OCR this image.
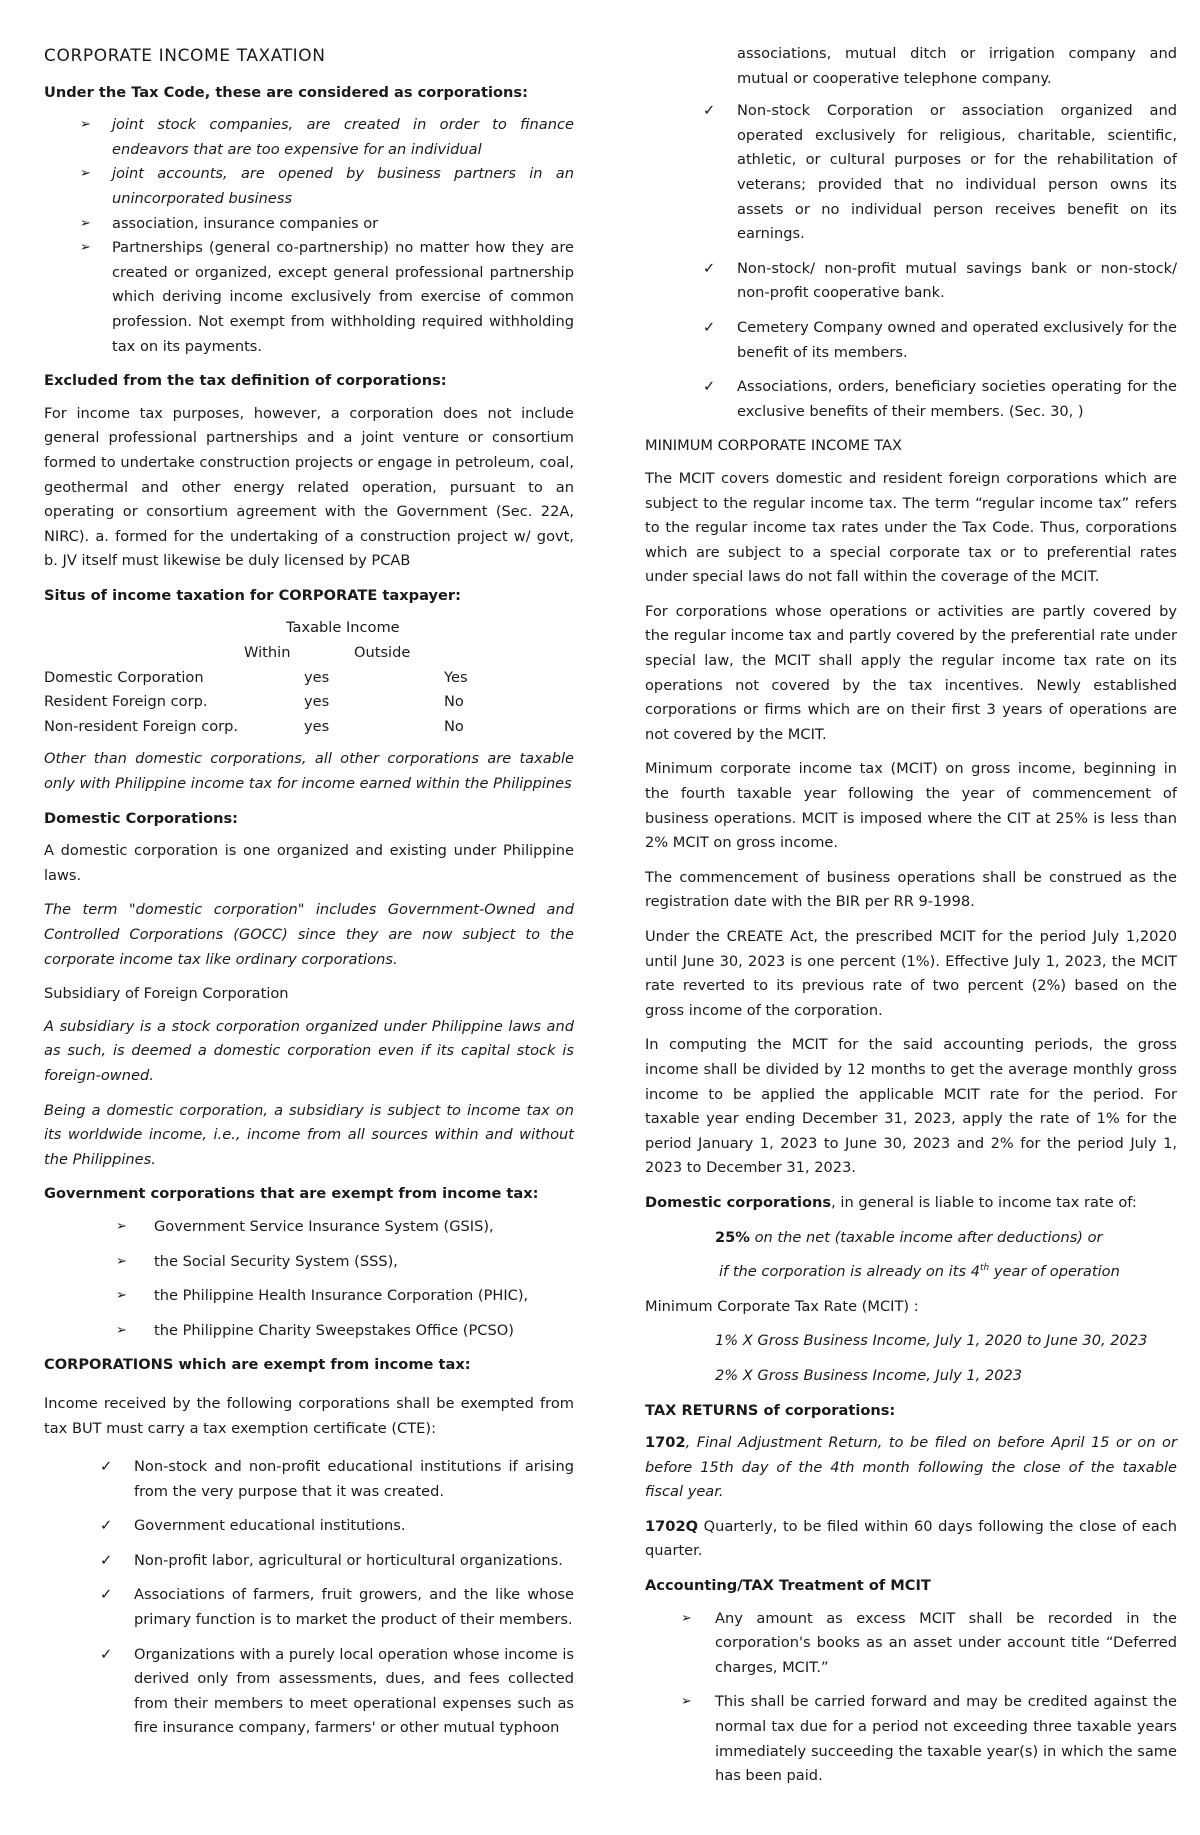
CORPORATE INCOME TAXATION
Under the Tax Code, these are considered as corporations:
➢ joint stock companies, are created in order to finance endeavors that are too expensive for an individual
➢ joint accounts, are opened by business partners in an unincorporated business
➢ association, insurance companies or
➢ Partnerships (general co-partnership) no matter how they are created or organized, except general professional partnership which deriving income exclusively from exercise of common profession. Not exempt from withholding required withholding tax on its payments.
Excluded from the tax definition of corporations:

For income tax purposes, however, a corporation does not include general professional partnerships and a joint venture or consortium formed to undertake construction projects or engage in petroleum, coal, geothermal and other energy related operation, pursuant to an operating or consortium agreement with the Government (Sec. 22A, NIRC). a. formed for the undertaking of a construction project w/ govt, b. JV itself must likewise be duly licensed by PCAB

Situs of income taxation for CORPORATE taxpayer:
	Taxable Income		
	Within	Outside	
Domestic Corporation	yes		Yes
Resident Foreign corp.	yes		No
Non-resident Foreign corp.	yes		No

Other than domestic corporations, all other corporations are taxable only with Philippine income tax for income earned within the Philippines

Domestic Corporations:

A domestic corporation is one organized and existing under Philippine laws.

The term "domestic corporation" includes Government-Owned and Controlled Corporations (GOCC) since they are now subject to the corporate income tax like ordinary corporations.

Subsidiary of Foreign Corporation

A subsidiary is a stock corporation organized under Philippine laws and as such, is deemed a domestic corporation even if its capital stock is foreign-owned.

Being a domestic corporation, a subsidiary is subject to income tax on its worldwide income, i.e., income from all sources within and without the Philippines.

Government corporations that are exempt from income tax:
➢ Government Service Insurance System (GSIS),
➢ the Social Security System (SSS),
➢ the Philippine Health Insurance Corporation (PHIC),
➢ the Philippine Charity Sweepstakes Office (PCSO)
CORPORATIONS which are exempt from income tax:

Income received by the following corporations shall be exempted from tax BUT must carry a tax exemption certificate (CTE):

✓ Non-stock and non-profit educational institutions if arising from the very purpose that it was created.
✓ Government educational institutions.
✓ Non-profit labor, agricultural or horticultural organizations.
✓ Associations of farmers, fruit growers, and the like whose primary function is to market the product of their members.
✓ Organizations with a purely local operation whose income is derived only from assessments, dues, and fees collected from their members to meet operational expenses such as fire insurance company, farmers' or other mutual typhoon

associations, mutual ditch or irrigation company and mutual or cooperative telephone company.

✓ Non-stock Corporation or association organized and operated exclusively for religious, charitable, scientific, athletic, or cultural purposes or for the rehabilitation of veterans; provided that no individual person owns its assets or no individual person receives benefit on its earnings.
✓ Non-stock/ non-profit mutual savings bank or non-stock/ non-profit cooperative bank.
✓ Cemetery Company owned and operated exclusively for the benefit of its members.
✓ Associations, orders, beneficiary societies operating for the exclusive benefits of their members. (Sec. 30, )
MINIMUM CORPORATE INCOME TAX

The MCIT covers domestic and resident foreign corporations which are subject to the regular income tax. The term “regular income tax” refers to the regular income tax rates under the Tax Code. Thus, corporations which are subject to a special corporate tax or to preferential rates under special laws do not fall within the coverage of the MCIT.

For corporations whose operations or activities are partly covered by the regular income tax and partly covered by the preferential rate under special law, the MCIT shall apply the regular income tax rate on its operations not covered by the tax incentives. Newly established corporations or firms which are on their first 3 years of operations are not covered by the MCIT.

Minimum corporate income tax (MCIT) on gross income, beginning in the fourth taxable year following the year of commencement of business operations. MCIT is imposed where the CIT at 25% is less than 2% MCIT on gross income.

The commencement of business operations shall be construed as the registration date with the BIR per RR 9-1998.

Under the CREATE Act, the prescribed MCIT for the period July 1,2020 until June 30, 2023 is one percent (1%). Effective July 1, 2023, the MCIT rate reverted to its previous rate of two percent (2%) based on the gross income of the corporation.

In computing the MCIT for the said accounting periods, the gross income shall be divided by 12 months to get the average monthly gross income to be applied the applicable MCIT rate for the period. For taxable year ending December 31, 2023, apply the rate of 1% for the period January 1, 2023 to June 30, 2023 and 2% for the period July 1, 2023 to December 31, 2023.

Domestic corporations, in general is liable to income tax rate of:

25% on the net (taxable income after deductions) or

if the corporation is already on its 4th year of operation

Minimum Corporate Tax Rate (MCIT) :

1% X Gross Business Income, July 1, 2020 to June 30, 2023

2% X Gross Business Income, July 1, 2023

TAX RETURNS of corporations:

1702, Final Adjustment Return, to be filed on before April 15 or on or before 15th day of the 4th month following the close of the taxable fiscal year.

1702Q Quarterly, to be filed within 60 days following the close of each quarter.

Accounting/TAX Treatment of MCIT
➢ Any amount as excess MCIT shall be recorded in the corporation's books as an asset under account title “Deferred charges, MCIT.”
➢ This shall be carried forward and may be credited against the normal tax due for a period not exceeding three taxable years immediately succeeding the taxable year(s) in which the same has been paid.
